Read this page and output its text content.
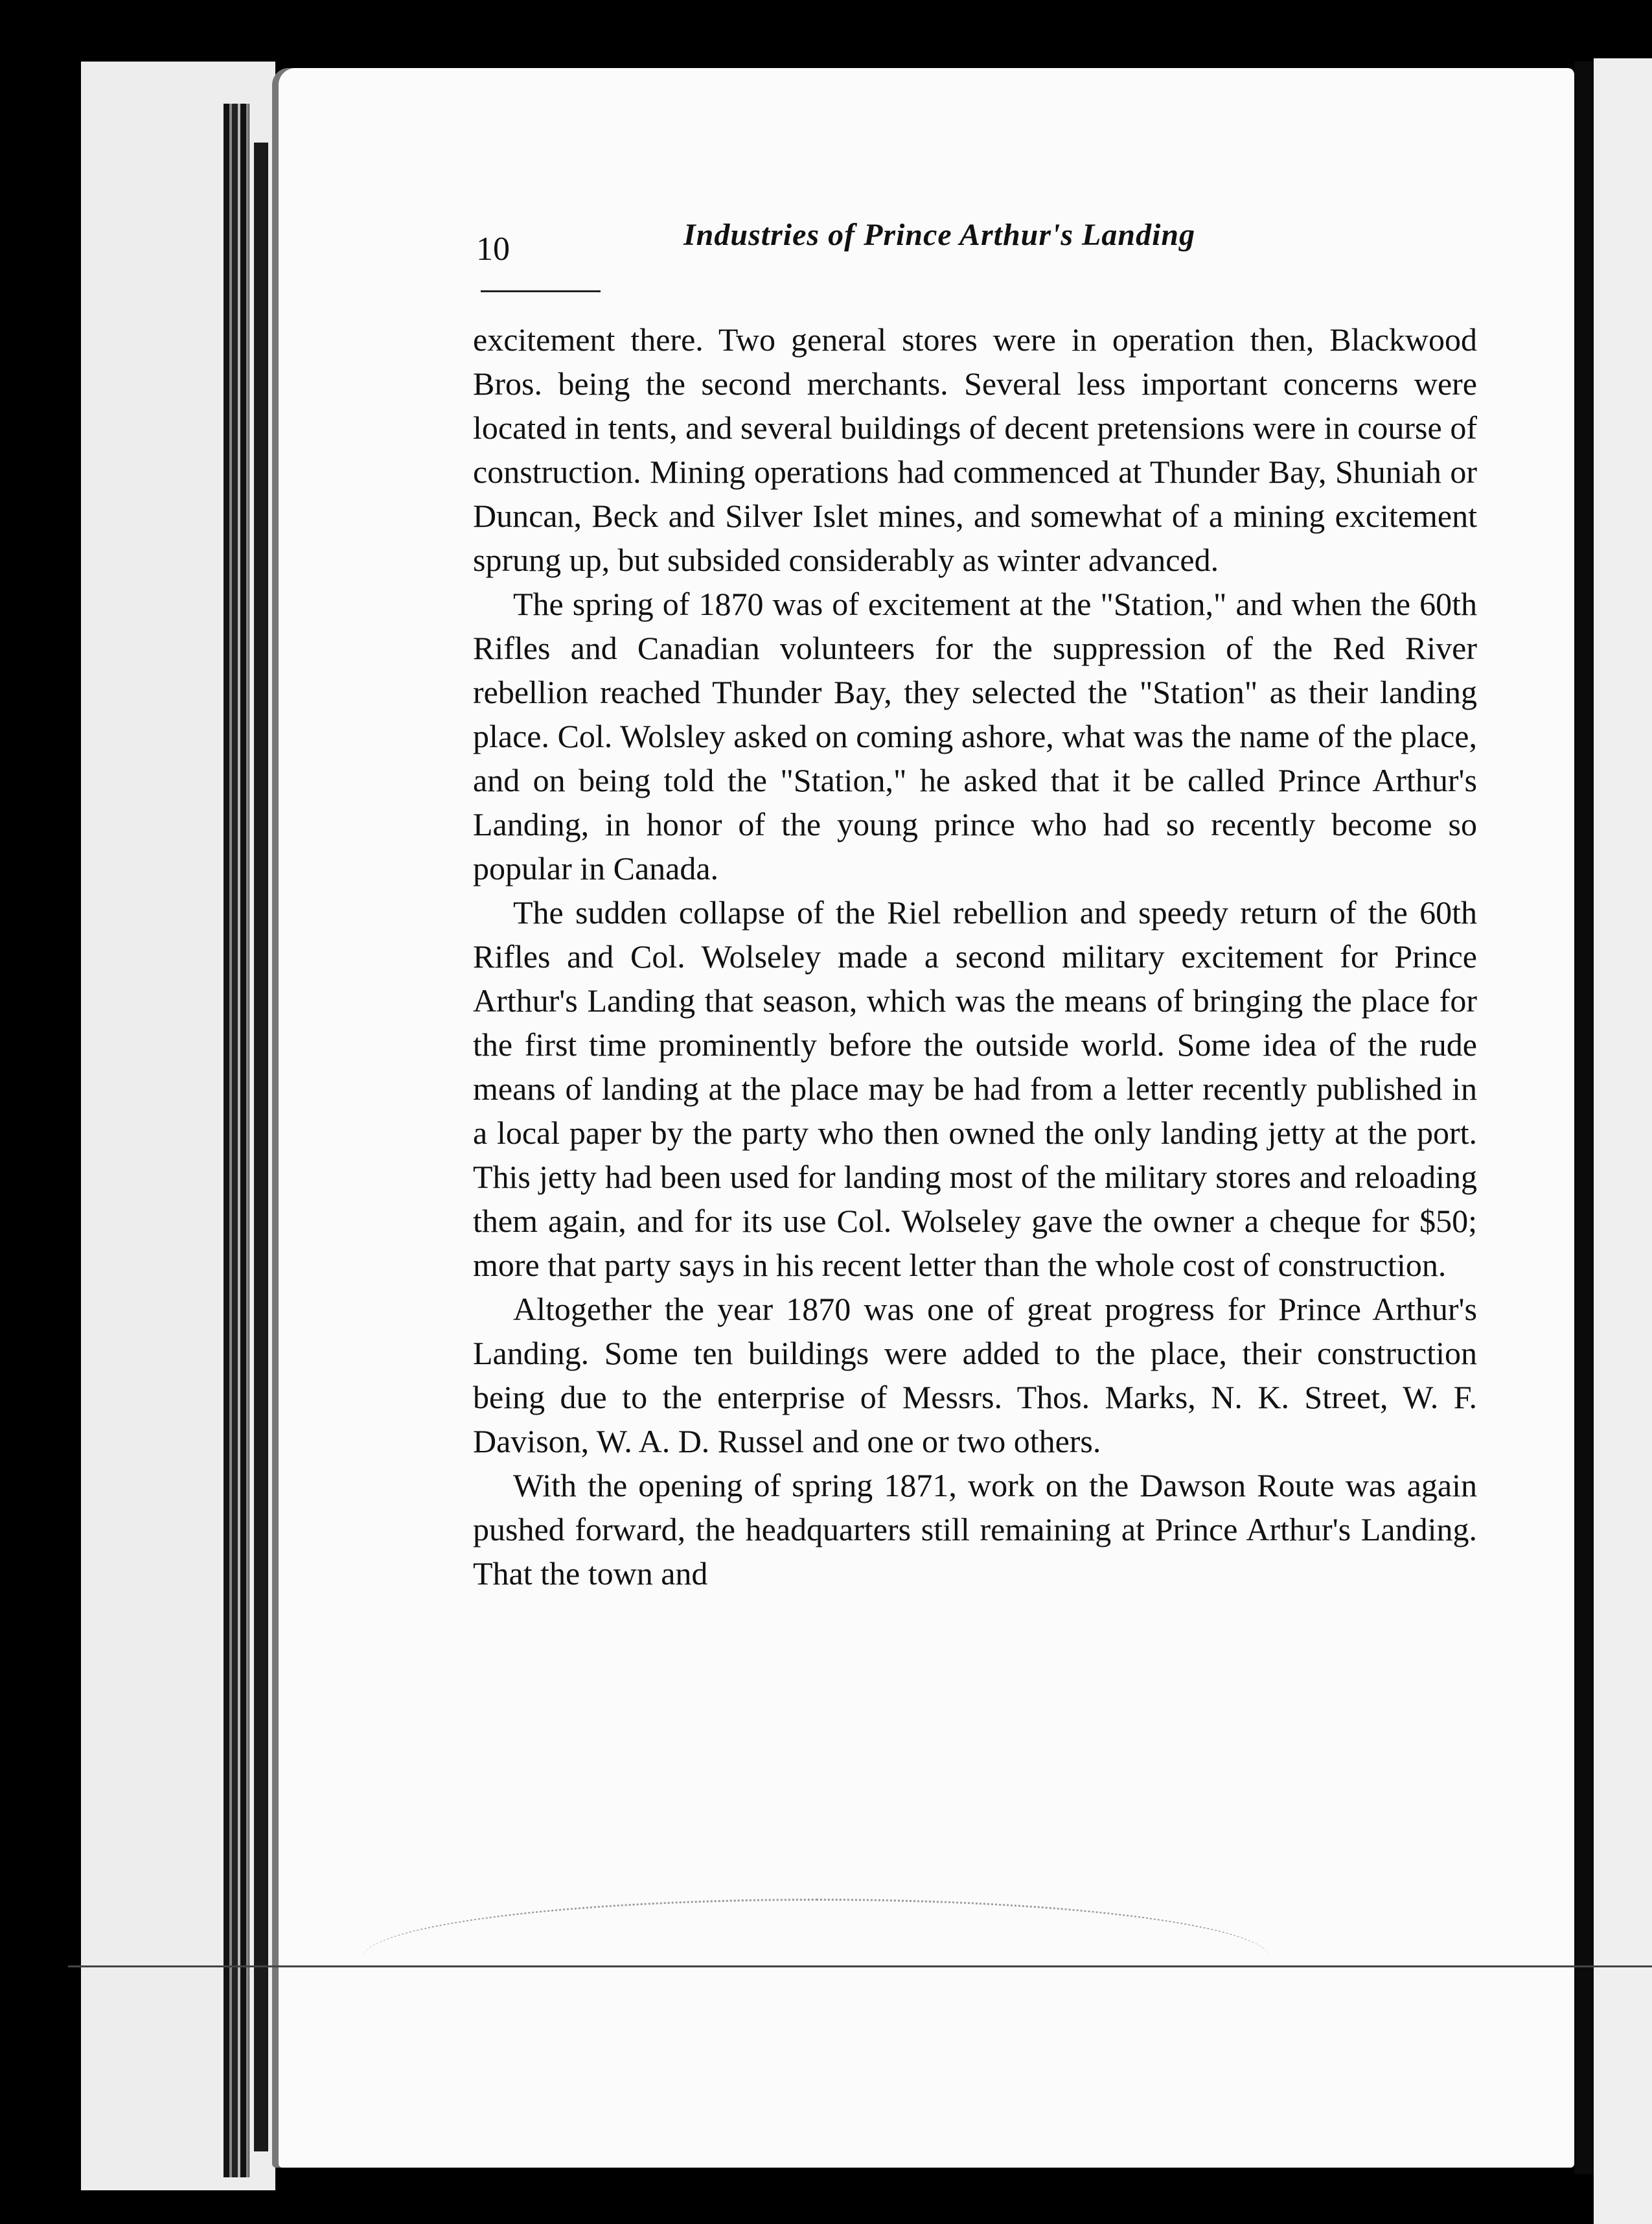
10	Industries of Prince Arthur's Landing

excitement there. Two general stores were in operation then, Blackwood Bros. being the second merchants. Several less important concerns were located in tents, and several buildings of decent pretensions were in course of construction. Mining operations had commenced at Thunder Bay, Shuniah or Duncan, Beck and Silver Islet mines, and somewhat of a mining excitement sprung up, but subsided considerably as winter advanced.

The spring of 1870 was of excitement at the "Station," and when the 60th Rifles and Canadian volunteers for the suppression of the Red River rebellion reached Thunder Bay, they selected the "Station" as their landing place. Col. Wolsley asked on coming ashore, what was the name of the place, and on being told the "Station," he asked that it be called Prince Arthur's Landing, in honor of the young prince who had so recently become so popular in Canada.

The sudden collapse of the Riel rebellion and speedy return of the 60th Rifles and Col. Wolseley made a second military excitement for Prince Arthur's Landing that season, which was the means of bringing the place for the first time prominently before the outside world. Some idea of the rude means of landing at the place may be had from a letter recently published in a local paper by the party who then owned the only landing jetty at the port. This jetty had been used for landing most of the military stores and reloading them again, and for its use Col. Wolseley gave the owner a cheque for $50; more that party says in his recent letter than the whole cost of construction.

Altogether the year 1870 was one of great progress for Prince Arthur's Landing. Some ten buildings were added to the place, their construction being due to the enterprise of Messrs. Thos. Marks, N. K. Street, W. F. Davison, W. A. D. Russel and one or two others.

With the opening of spring 1871, work on the Dawson Route was again pushed forward, the headquarters still remaining at Prince Arthur's Landing. That the town and
